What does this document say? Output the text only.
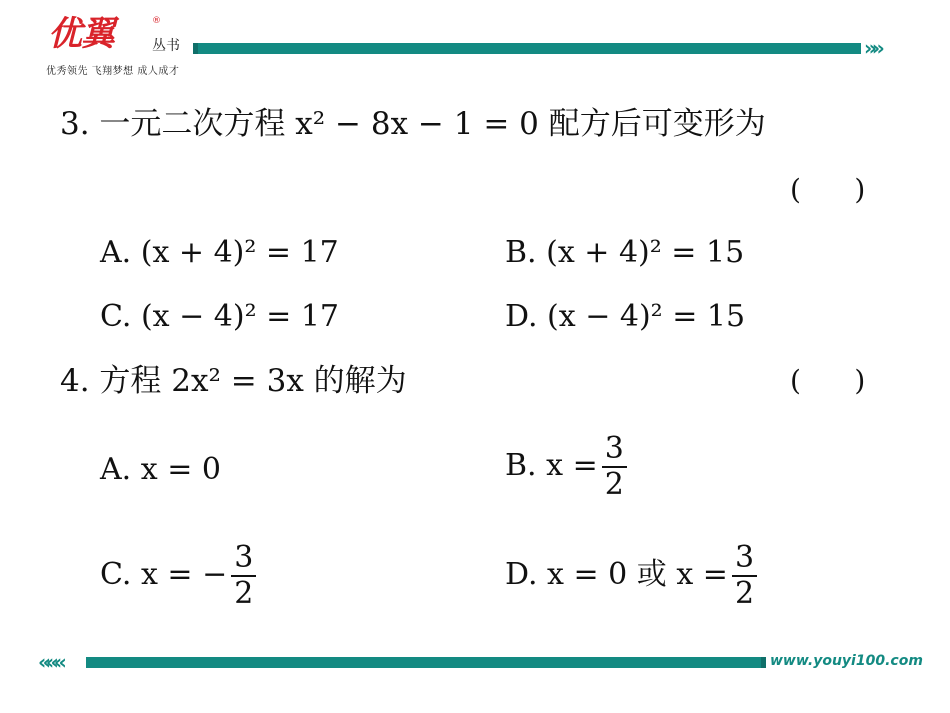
优翼	®
丛书
优秀领先 飞翔梦想 成人成才
»»
3. 一元二次方程 x² − 8x − 1 = 0 配方后可变形为
(      )
A. (x + 4)² = 17	B. (x + 4)² = 15
C. (x − 4)² = 17	D. (x − 4)² = 15
4. 方程 2x² = 3x 的解为	(      )
A. x = 0	B. $x = \frac{3}{2}$
C. x = − $\frac{3}{2}$	D. x = 0 或 $x = \frac{3}{2}$
«««	www.youyi100.com
